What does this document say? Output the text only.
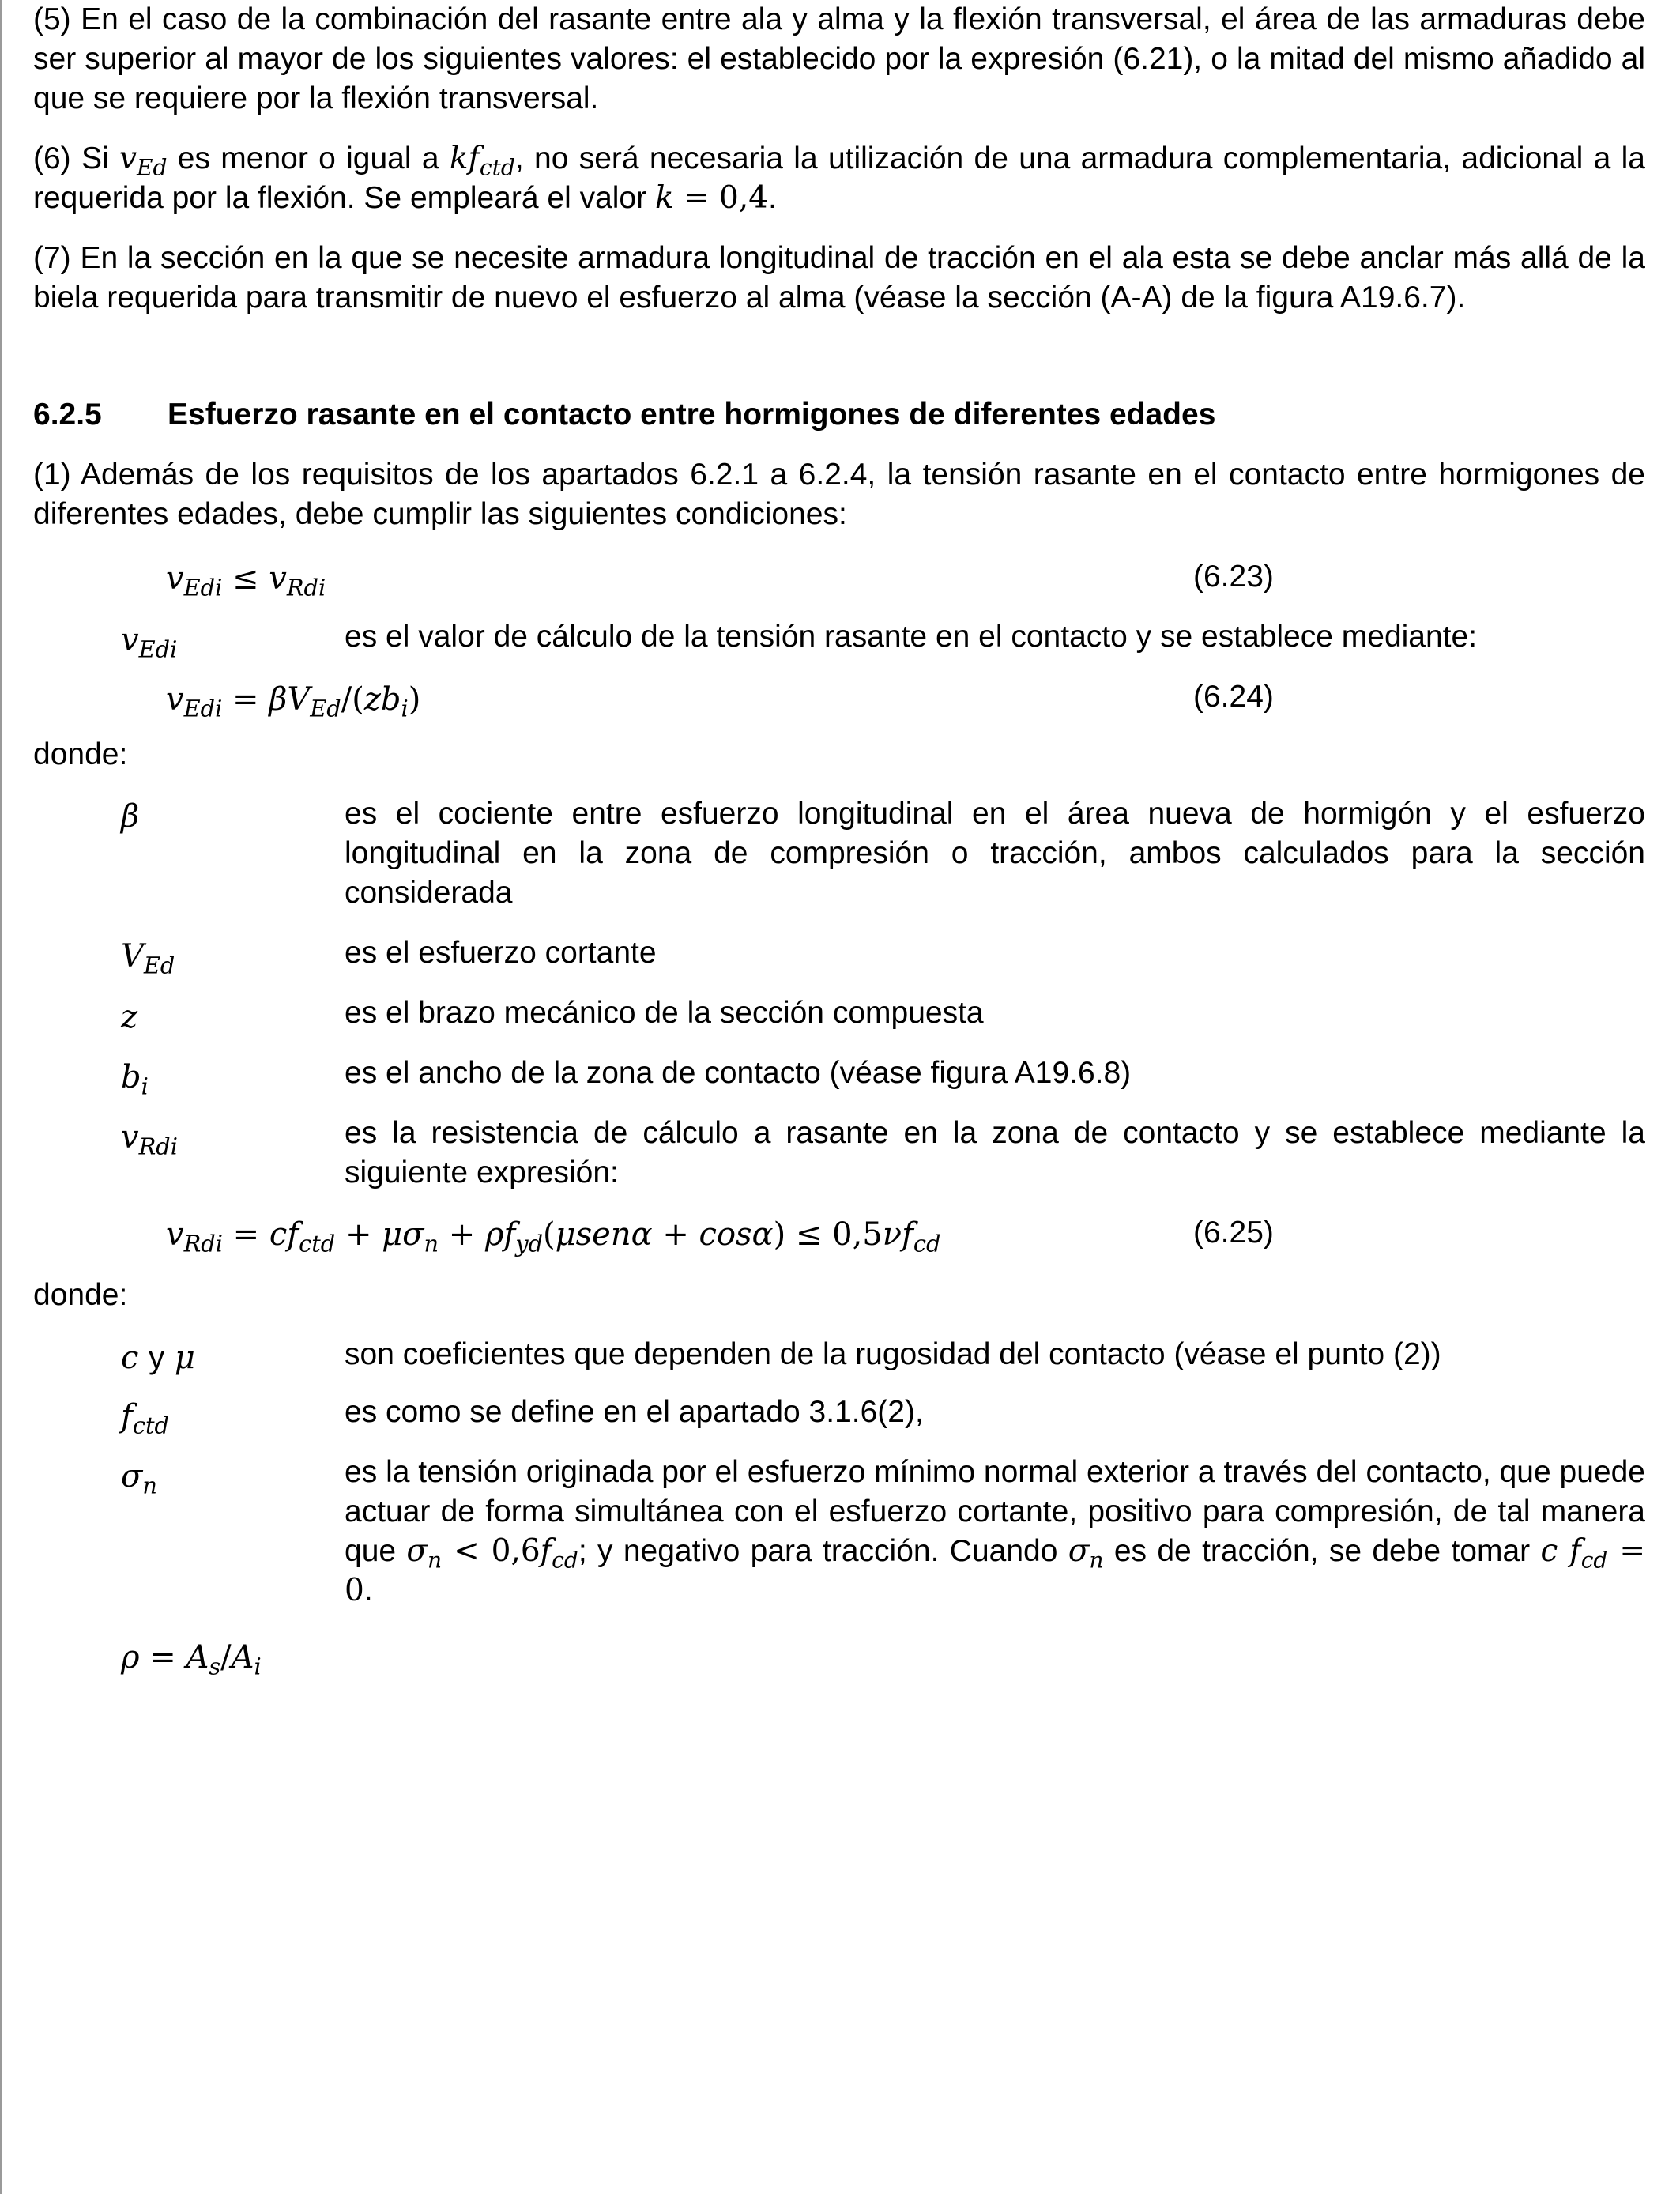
(5) En el caso de la combinación del rasante entre ala y alma y la flexión transversal, el área de las armaduras debe ser superior al mayor de los siguientes valores: el establecido por la expresión (6.21), o la mitad del mismo añadido al que se requiere por la flexión transversal.

(6) Si $v_{Ed}$ es menor o igual a $kf_{ctd}$, no será necesaria la utilización de una armadura complementaria, adicional a la requerida por la flexión. Se empleará el valor k = 0,4.

(7) En la sección en la que se necesite armadura longitudinal de tracción en el ala esta se debe anclar más allá de la biela requerida para transmitir de nuevo el esfuerzo al alma (véase la sección (A-A) de la figura A19.6.7).

6.2.5 Esfuerzo rasante en el contacto entre hormigones de diferentes edades

(1) Además de los requisitos de los apartados 6.2.1 a 6.2.4, la tensión rasante en el contacto entre hormigones de diferentes edades, debe cumplir las siguientes condiciones:

$v_{Edi} \le v_{Rdi}$	(6.23)
$v_{Edi}$	es el valor de cálculo de la tensión rasante en el contacto y se establece mediante:
$v_{Edi} = \beta V_{Ed}/(zb_i)$	(6.24)
donde:
β	es el cociente entre esfuerzo longitudinal en el área nueva de hormigón y el esfuerzo longitudinal en la zona de compresión o tracción, ambos calculados para la sección considerada
$V_{Ed}$	es el esfuerzo cortante
z	es el brazo mecánico de la sección compuesta
$b_i$	es el ancho de la zona de contacto (véase figura A19.6.8)
$v_{Rdi}$	es la resistencia de cálculo a rasante en la zona de contacto y se establece mediante la siguiente expresión:
$v_{Rdi} = cf_{ctd} + \mu\sigma_n + \rho f_{yd}(\mu sen\alpha + \cos\alpha) \le 0,5\nu f_{cd}$	(6.25)
donde:
c y μ	son coeficientes que dependen de la rugosidad del contacto (véase el punto (2))
$f_{ctd}$	es como se define en el apartado 3.1.6(2),
$\sigma_n$	es la tensión originada por el esfuerzo mínimo normal exterior a través del contacto, que puede actuar de forma simultánea con el esfuerzo cortante, positivo para compresión, de tal manera que $\sigma_n < 0,6f_{cd}$; y negativo para tracción. Cuando $\sigma_n$ es de tracción, se debe tomar c $f_{cd} = 0$.
$\rho = A_s/A_i$
